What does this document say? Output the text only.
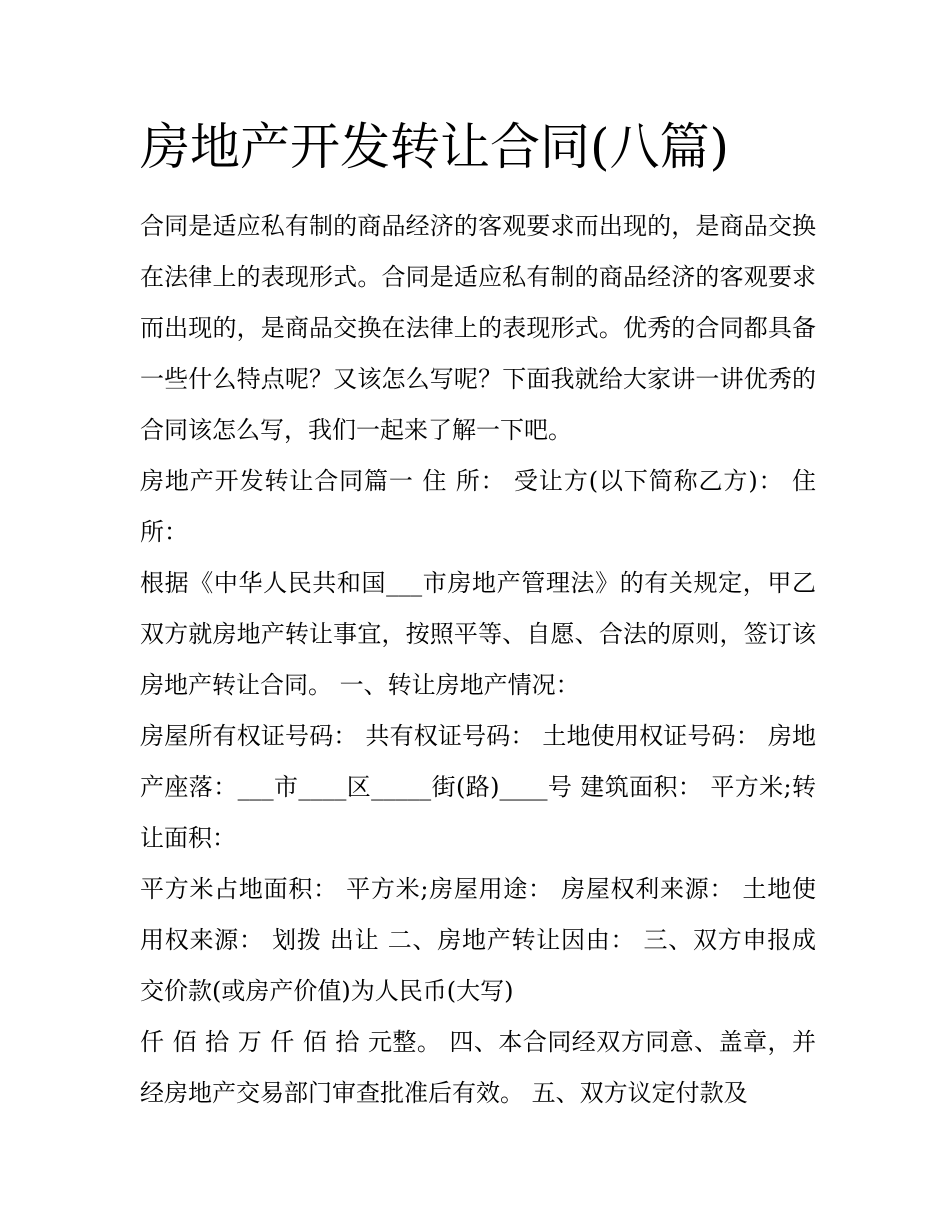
房地产开发转让合同(八篇)

合同是适应私有制的商品经济的客观要求而出现的，是商品交换在法律上的表现形式。合同是适应私有制的商品经济的客观要求而出现的，是商品交换在法律上的表现形式。优秀的合同都具备一些什么特点呢？又该怎么写呢？下面我就给大家讲一讲优秀的合同该怎么写，我们一起来了解一下吧。

房地产开发转让合同篇一 住 所： 受让方(以下简称乙方)： 住所：

根据《中华人民共和国___市房地产管理法》的有关规定，甲乙双方就房地产转让事宜，按照平等、自愿、合法的原则，签订该房地产转让合同。 一、转让房地产情况：

房屋所有权证号码： 共有权证号码： 土地使用权证号码： 房地产座落：___市____区_____街(路)____号 建筑面积： 平方米;转让面积：

平方米占地面积： 平方米;房屋用途： 房屋权利来源： 土地使用权来源： 划拨 出让 二、房地产转让因由： 三、双方申报成交价款(或房产价值)为人民币(大写)

仟 佰 拾 万 仟 佰 拾 元整。 四、本合同经双方同意、盖章，并经房地产交易部门审查批准后有效。 五、双方议定付款及
